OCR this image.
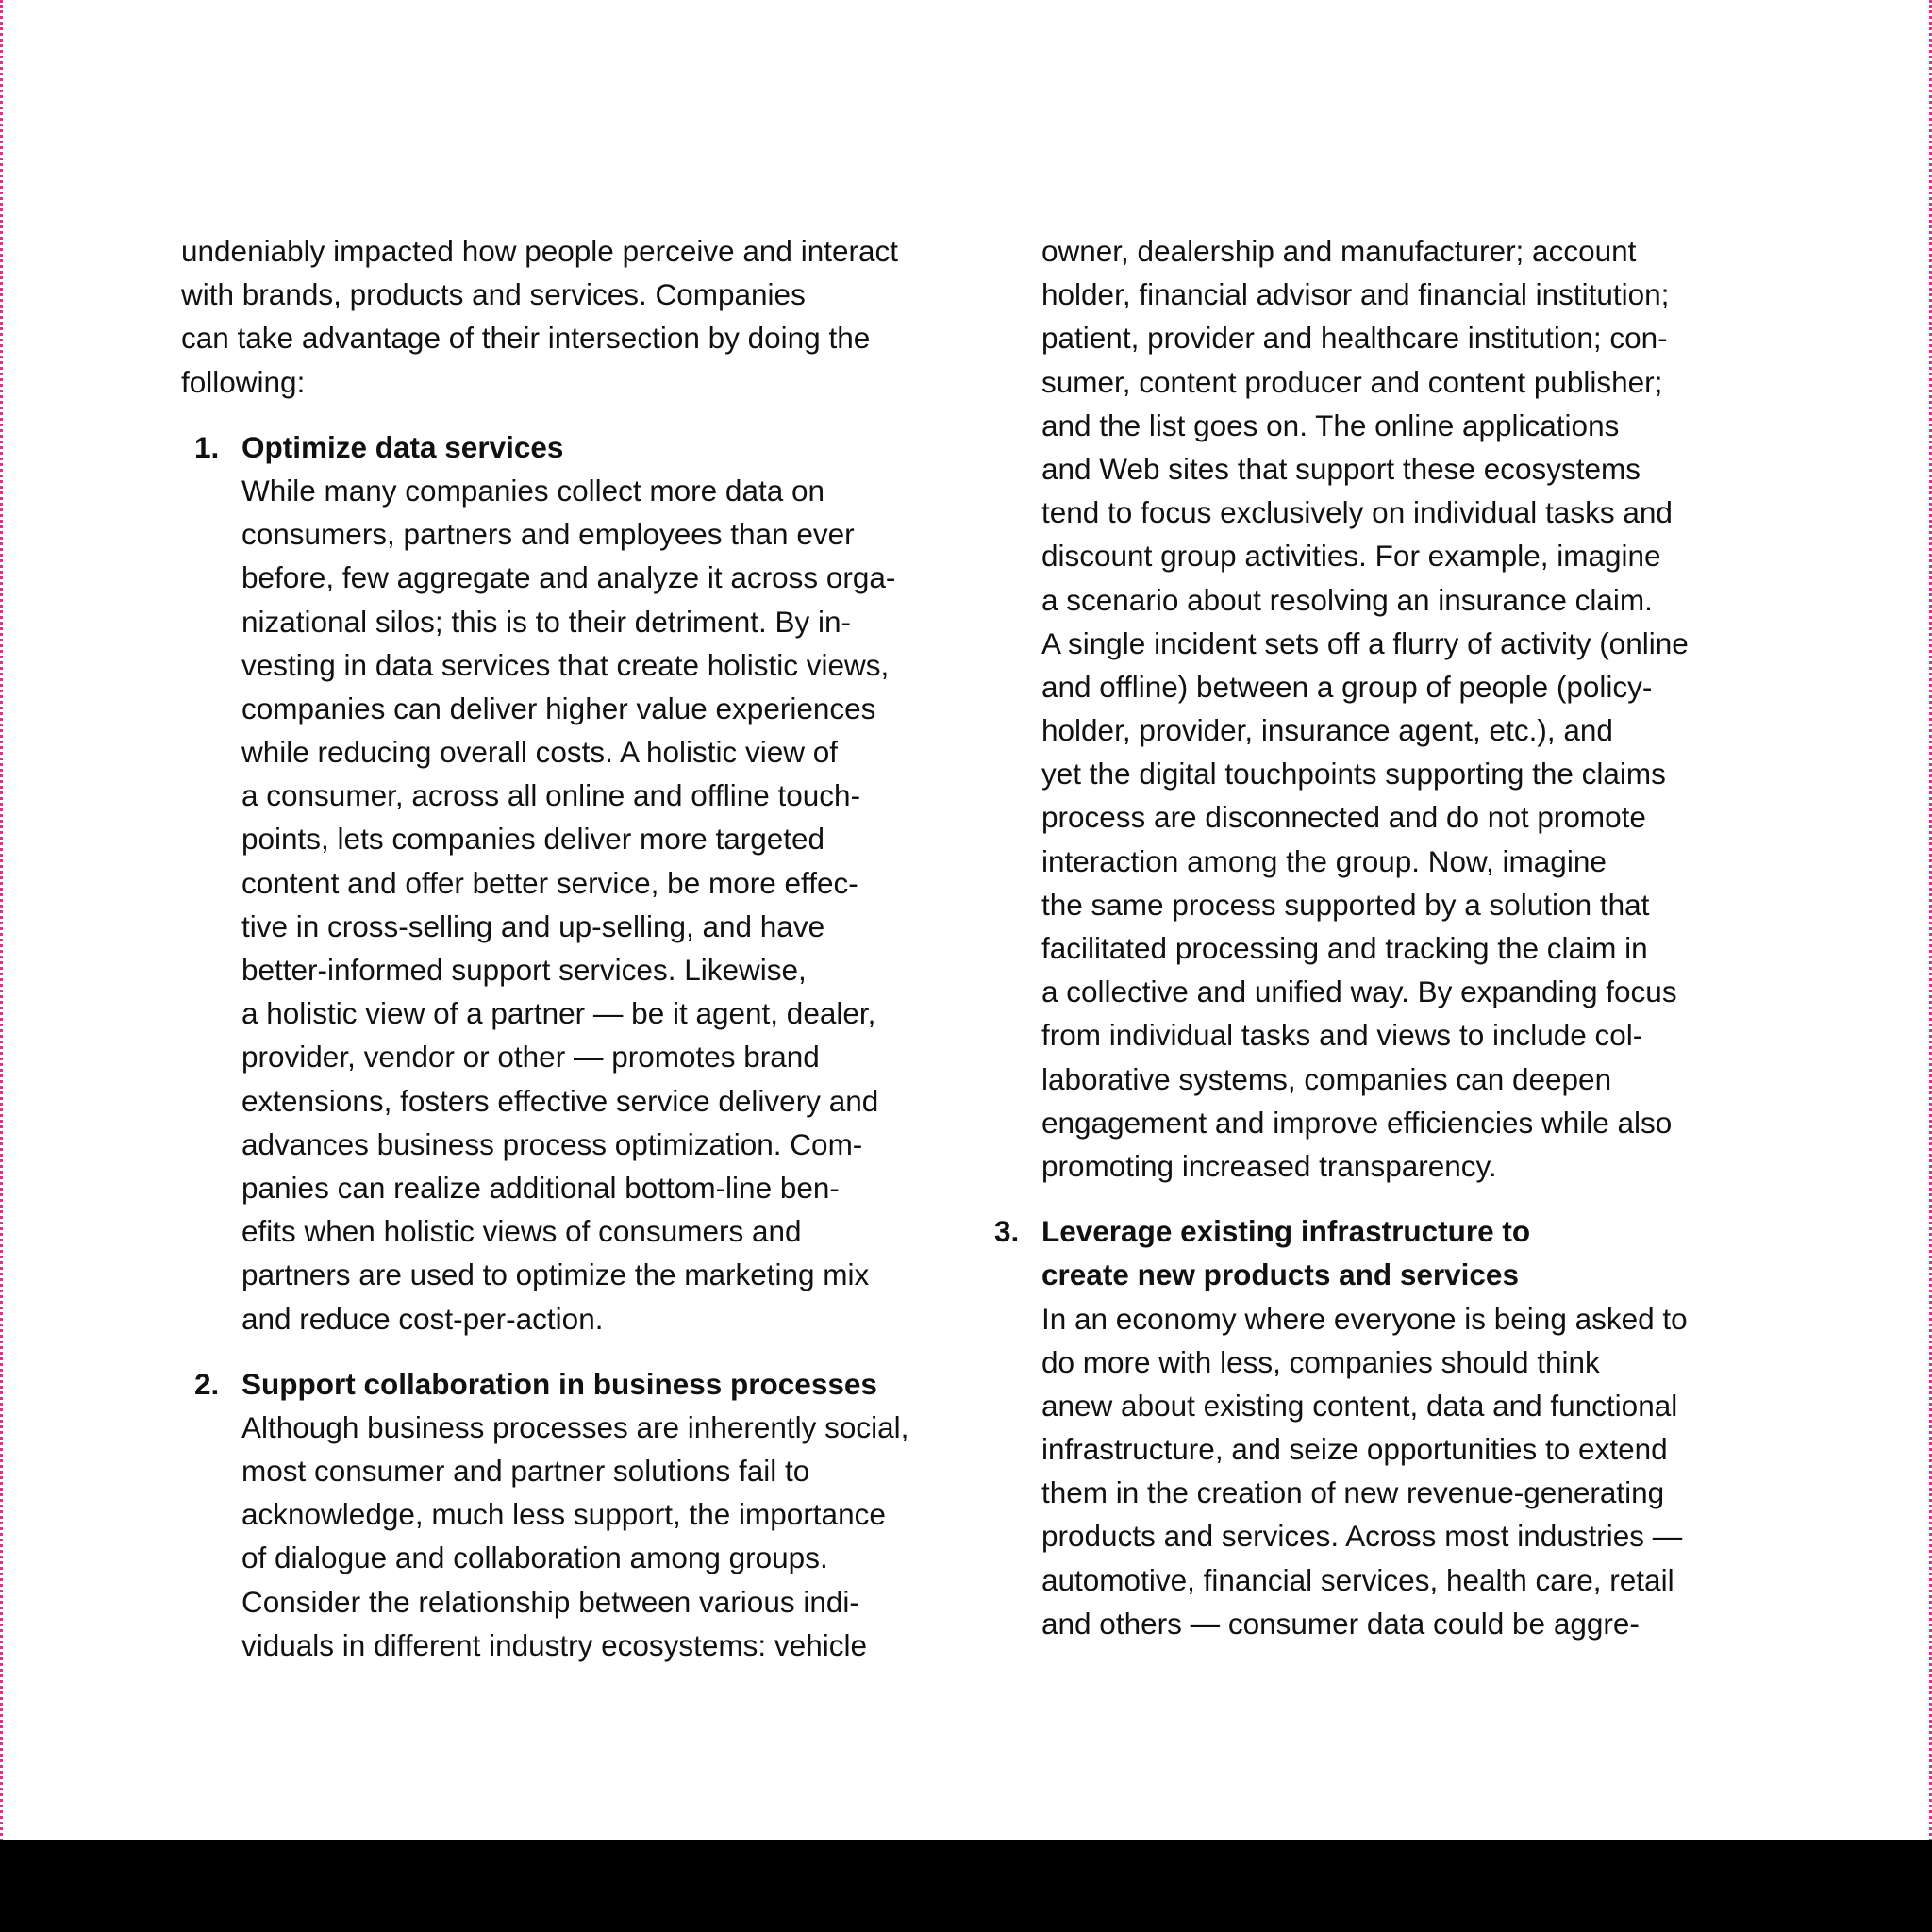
undeniably impacted how people perceive and interact
with brands, products and services. Companies
can take advantage of their intersection by doing the
following:
1. Optimize data services
While many companies collect more data on
consumers, partners and employees than ever
before, few aggregate and analyze it across orga-
nizational silos; this is to their detriment. By in-
vesting in data services that create holistic views,
companies can deliver higher value experiences
while reducing overall costs. A holistic view of
a consumer, across all online and offline touch-
points, lets companies deliver more targeted
content and offer better service, be more effec-
tive in cross-selling and up-selling, and have
better-informed support services. Likewise,
a holistic view of a partner — be it agent, dealer,
provider, vendor or other — promotes brand
extensions, fosters effective service delivery and
advances business process optimization. Com-
panies can realize additional bottom-line ben-
efits when holistic views of consumers and
partners are used to optimize the marketing mix
and reduce cost-per-action.
2. Support collaboration in business processes
Although business processes are inherently social,
most consumer and partner solutions fail to
acknowledge, much less support, the importance
of dialogue and collaboration among groups.
Consider the relationship between various indi-
viduals in different industry ecosystems: vehicle
owner, dealership and manufacturer; account
holder, financial advisor and financial institution;
patient, provider and healthcare institution; con-
sumer, content producer and content publisher;
and the list goes on. The online applications
and Web sites that support these ecosystems
tend to focus exclusively on individual tasks and
discount group activities. For example, imagine
a scenario about resolving an insurance claim.
A single incident sets off a flurry of activity (online
and offline) between a group of people (policy-
holder, provider, insurance agent, etc.), and
yet the digital touchpoints supporting the claims
process are disconnected and do not promote
interaction among the group. Now, imagine
the same process supported by a solution that
facilitated processing and tracking the claim in
a collective and unified way. By expanding focus
from individual tasks and views to include col-
laborative systems, companies can deepen
engagement and improve efficiencies while also
promoting increased transparency.
3. Leverage existing infrastructure to
create new products and services
In an economy where everyone is being asked to
do more with less, companies should think
anew about existing content, data and functional
infrastructure, and seize opportunities to extend
them in the creation of new revenue-generating
products and services. Across most industries —
automotive, financial services, health care, retail
and others — consumer data could be aggre-
